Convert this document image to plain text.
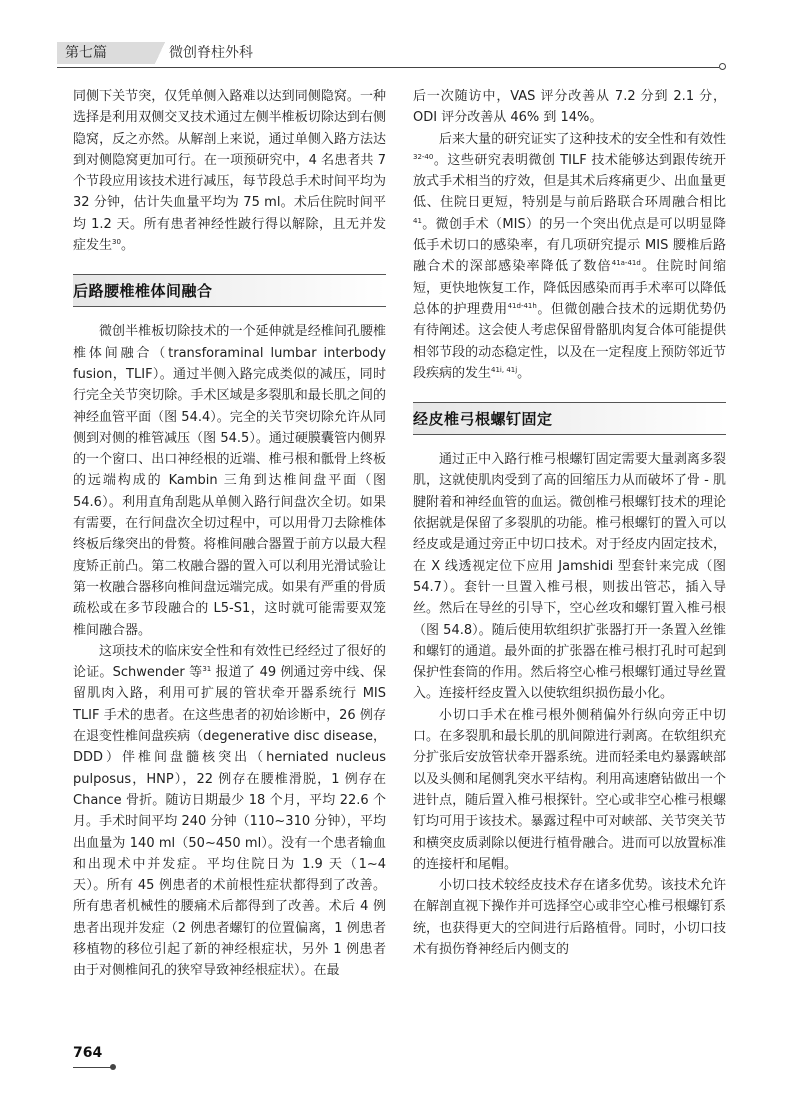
第七篇	微创脊柱外科

同侧下关节突，仅凭单侧入路难以达到同侧隐窝。一种选择是利用双侧交叉技术通过左侧半椎板切除达到右侧隐窝，反之亦然。从解剖上来说，通过单侧入路方法达到对侧隐窝更加可行。在一项预研究中，4 名患者共 7 个节段应用该技术进行减压，每节段总手术时间平均为 32 分钟，估计失血量平均为 75 ml。术后住院时间平均 1.2 天。所有患者神经性跛行得以解除，且无并发症发生$^{30}$。

后路腰椎椎体间融合

微创半椎板切除技术的一个延伸就是经椎间孔腰椎椎体间融合（transforaminal lumbar interbody fusion，TLIF）。通过半侧入路完成类似的减压，同时行完全关节突切除。手术区域是多裂肌和最长肌之间的神经血管平面（图 54.4）。完全的关节突切除允许从同侧到对侧的椎管减压（图 54.5）。通过硬膜囊管内侧界的一个窗口、出口神经根的近端、椎弓根和骶骨上终板的远端构成的 Kambin 三角到达椎间盘平面（图 54.6）。利用直角刮匙从单侧入路行间盘次全切。如果有需要，在行间盘次全切过程中，可以用骨刀去除椎体终板后缘突出的骨赘。将椎间融合器置于前方以最大程度矫正前凸。第二枚融合器的置入可以利用光滑试验让第一枚融合器移向椎间盘远端完成。如果有严重的骨质疏松或在多节段融合的 L5-S1，这时就可能需要双笼椎间融合器。

这项技术的临床安全性和有效性已经经过了很好的论证。Schwender 等$^{31}$ 报道了 49 例通过旁中线、保留肌肉入路，利用可扩展的管状牵开器系统行 MIS TLIF 手术的患者。在这些患者的初始诊断中，26 例存在退变性椎间盘疾病（degenerative disc disease，DDD）伴椎间盘髓核突出（herniated nucleus pulposus，HNP），22 例存在腰椎滑脱，1 例存在 Chance 骨折。随访日期最少 18 个月，平均 22.6 个月。手术时间平均 240 分钟（110~310 分钟），平均出血量为 140 ml（50~450 ml）。没有一个患者输血和出现术中并发症。平均住院日为 1.9 天（1~4 天）。所有 45 例患者的术前根性症状都得到了改善。所有患者机械性的腰痛术后都得到了改善。术后 4 例患者出现并发症（2 例患者螺钉的位置偏离，1 例患者移植物的移位引起了新的神经根症状，另外 1 例患者由于对侧椎间孔的狭窄导致神经根症状）。在最

后一次随访中，VAS 评分改善从 7.2 分到 2.1 分，ODI 评分改善从 46% 到 14%。

后来大量的研究证实了这种技术的安全性和有效性$^{32-40}$。这些研究表明微创 TILF 技术能够达到跟传统开放式手术相当的疗效，但是其术后疼痛更少、出血量更低、住院日更短，特别是与前后路联合环周融合相比$^{41}$。微创手术（MIS）的另一个突出优点是可以明显降低手术切口的感染率，有几项研究提示 MIS 腰椎后路融合术的深部感染率降低了数倍$^{41a-41d}$。住院时间缩短，更快地恢复工作，降低因感染而再手术率可以降低总体的护理费用$^{41d-41h}$。但微创融合技术的远期优势仍有待阐述。这会使人考虑保留骨骼肌肉复合体可能提供相邻节段的动态稳定性，以及在一定程度上预防邻近节段疾病的发生$^{41i, 41j}$。

经皮椎弓根螺钉固定

通过正中入路行椎弓根螺钉固定需要大量剥离多裂肌，这就使肌肉受到了高的回缩压力从而破坏了骨 - 肌腱附着和神经血管的血运。微创椎弓根螺钉技术的理论依据就是保留了多裂肌的功能。椎弓根螺钉的置入可以经皮或是通过旁正中切口技术。对于经皮内固定技术，在 X 线透视定位下应用 Jamshidi 型套针来完成（图 54.7）。套针一旦置入椎弓根，则拔出管芯，插入导丝。然后在导丝的引导下，空心丝攻和螺钉置入椎弓根（图 54.8）。随后使用软组织扩张器打开一条置入丝锥和螺钉的通道。最外面的扩张器在椎弓根打孔时可起到保护性套筒的作用。然后将空心椎弓根螺钉通过导丝置入。连接杆经皮置入以使软组织损伤最小化。

小切口手术在椎弓根外侧稍偏外行纵向旁正中切口。在多裂肌和最长肌的肌间隙进行剥离。在软组织充分扩张后安放管状牵开器系统。进而轻柔电灼暴露峡部以及头侧和尾侧乳突水平结构。利用高速磨钻做出一个进针点，随后置入椎弓根探针。空心或非空心椎弓根螺钉均可用于该技术。暴露过程中可对峡部、关节突关节和横突皮质剥除以便进行植骨融合。进而可以放置标准的连接杆和尾帽。

小切口技术较经皮技术存在诸多优势。该技术允许在解剖直视下操作并可选择空心或非空心椎弓根螺钉系统，也获得更大的空间进行后路植骨。同时，小切口技术有损伤脊神经后内侧支的

764
